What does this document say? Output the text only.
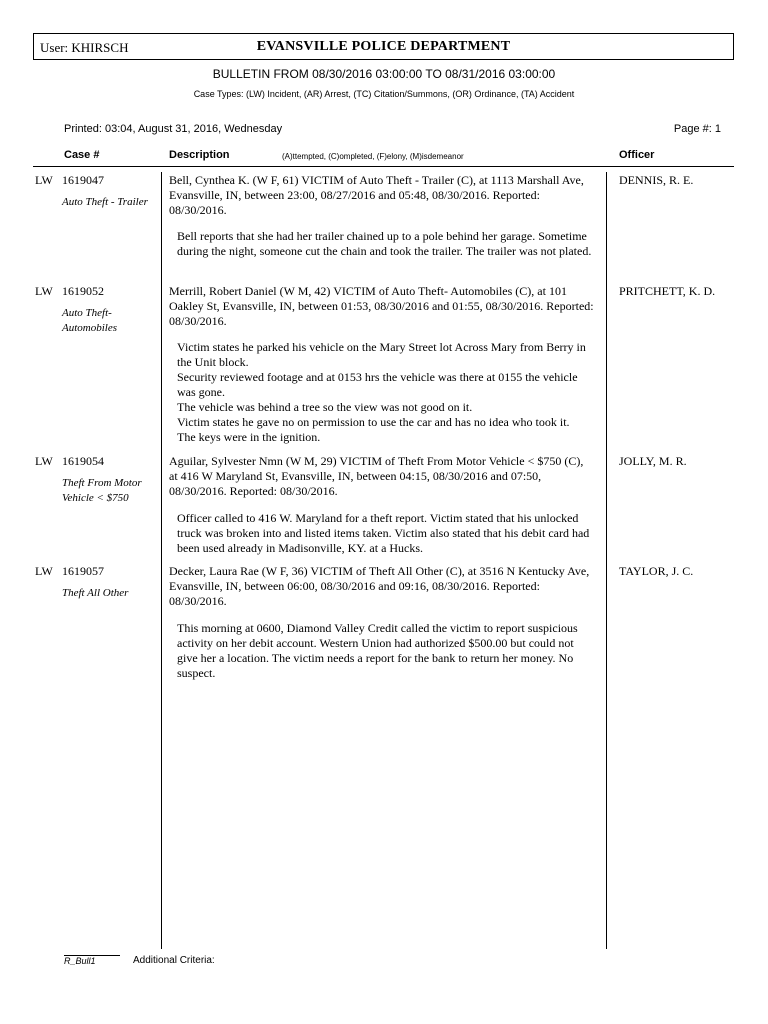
User: KHIRSCH	EVANSVILLE POLICE DEPARTMENT
BULLETIN FROM 08/30/2016 03:00:00 TO 08/31/2016 03:00:00
Case Types: (LW) Incident, (AR) Arrest, (TC) Citation/Summons, (OR) Ordinance, (TA) Accident
Printed: 03:04, August 31, 2016, Wednesday	Page #: 1
Case #	Description	(A)ttempted, (C)ompleted, (F)elony, (M)isdemeanor	Officer
LW 1619047
Auto Theft - Trailer
Bell, Cynthea K. (W F, 61) VICTIM of Auto Theft - Trailer (C), at 1113 Marshall Ave, Evansville, IN, between 23:00, 08/27/2016 and 05:48, 08/30/2016. Reported: 08/30/2016.
Bell reports that she had her trailer chained up to a pole behind her garage. Sometime during the night, someone cut the chain and took the trailer. The trailer was not plated.
DENNIS, R. E.
LW 1619052
Auto Theft- Automobiles
Merrill, Robert Daniel (W M, 42) VICTIM of Auto Theft- Automobiles (C), at 101 Oakley St, Evansville, IN, between 01:53, 08/30/2016 and 01:55, 08/30/2016. Reported: 08/30/2016.
Victim states he parked his vehicle on the Mary Street lot Across Mary from Berry in the Unit block.
Security reviewed footage and at 0153 hrs the vehicle was there at 0155 the vehicle was gone.
The vehicle was behind a tree so the view was not good on it.
Victim states he gave no on permission to use the car and has no idea who took it.
The keys were in the ignition.
PRITCHETT, K. D.
LW 1619054
Theft From Motor Vehicle < $750
Aguilar, Sylvester Nmn (W M, 29) VICTIM of Theft From Motor Vehicle < $750 (C), at 416 W Maryland St, Evansville, IN, between 04:15, 08/30/2016 and 07:50, 08/30/2016. Reported: 08/30/2016.
Officer called to 416 W. Maryland for a theft report. Victim stated that his unlocked truck was broken into and listed items taken. Victim also stated that his debit card had been used already in Madisonville, KY. at a Hucks.
JOLLY, M. R.
LW 1619057
Theft All Other
Decker, Laura Rae (W F, 36) VICTIM of Theft All Other (C), at 3516 N Kentucky Ave, Evansville, IN, between 06:00, 08/30/2016 and 09:16, 08/30/2016. Reported: 08/30/2016.
This morning at 0600, Diamond Valley Credit called the victim to report suspicious activity on her debit account. Western Union had authorized $500.00 but could not give her a location. The victim needs a report for the bank to return her money. No suspect.
TAYLOR, J. C.
R_Bull1	Additional Criteria:
